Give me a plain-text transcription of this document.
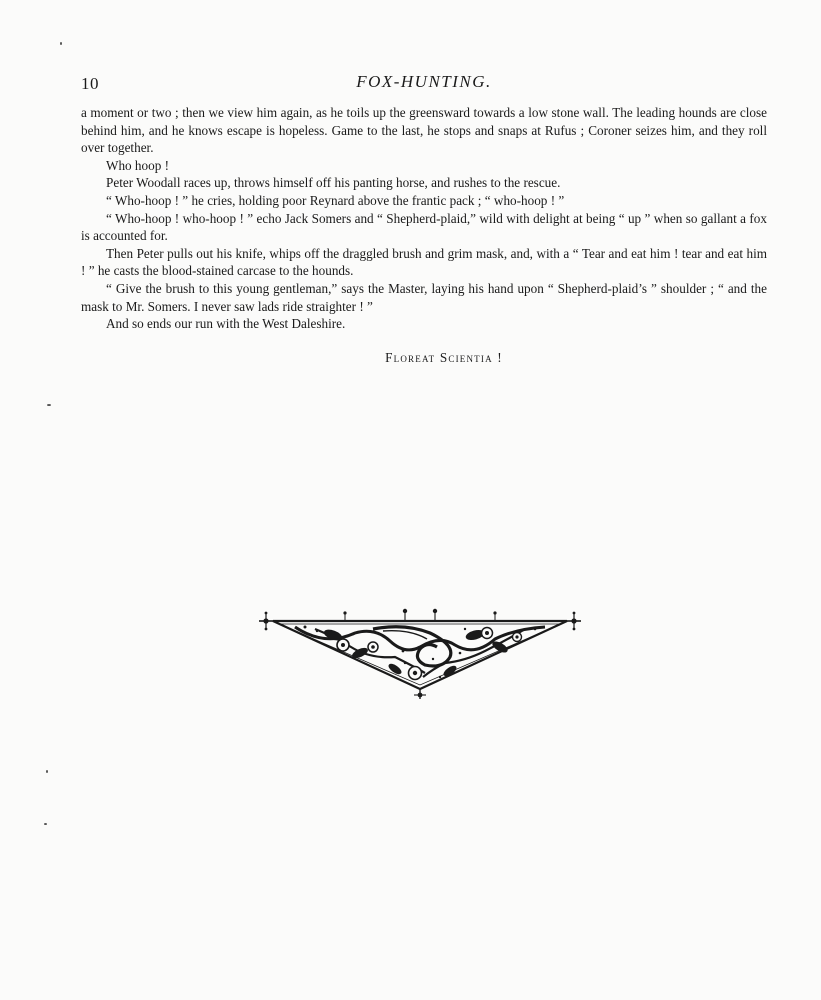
10	FOX-HUNTING.

a moment or two ; then we view him again, as he toils up the greensward towards a low stone wall. The leading hounds are close behind him, and he knows escape is hopeless. Game to the last, he stops and snaps at Rufus ; Coroner seizes him, and they roll over together.

Who hoop !

Peter Woodall races up, throws himself off his panting horse, and rushes to the rescue.

“ Who-hoop ! ” he cries, holding poor Reynard above the frantic pack ; “ who-hoop ! ”

“ Who-hoop ! who-hoop ! ” echo Jack Somers and “ Shepherd-plaid,” wild with delight at being “ up ” when so gallant a fox is accounted for.

Then Peter pulls out his knife, whips off the draggled brush and grim mask, and, with a “ Tear and eat him ! tear and eat him ! ” he casts the blood-stained carcase to the hounds.

“ Give the brush to this young gentleman,” says the Master, laying his hand upon “ Shepherd-plaid’s ” shoulder ; “ and the mask to Mr. Somers. I never saw lads ride straighter ! ”

And so ends our run with the West Daleshire.

Floreat Scientia !
